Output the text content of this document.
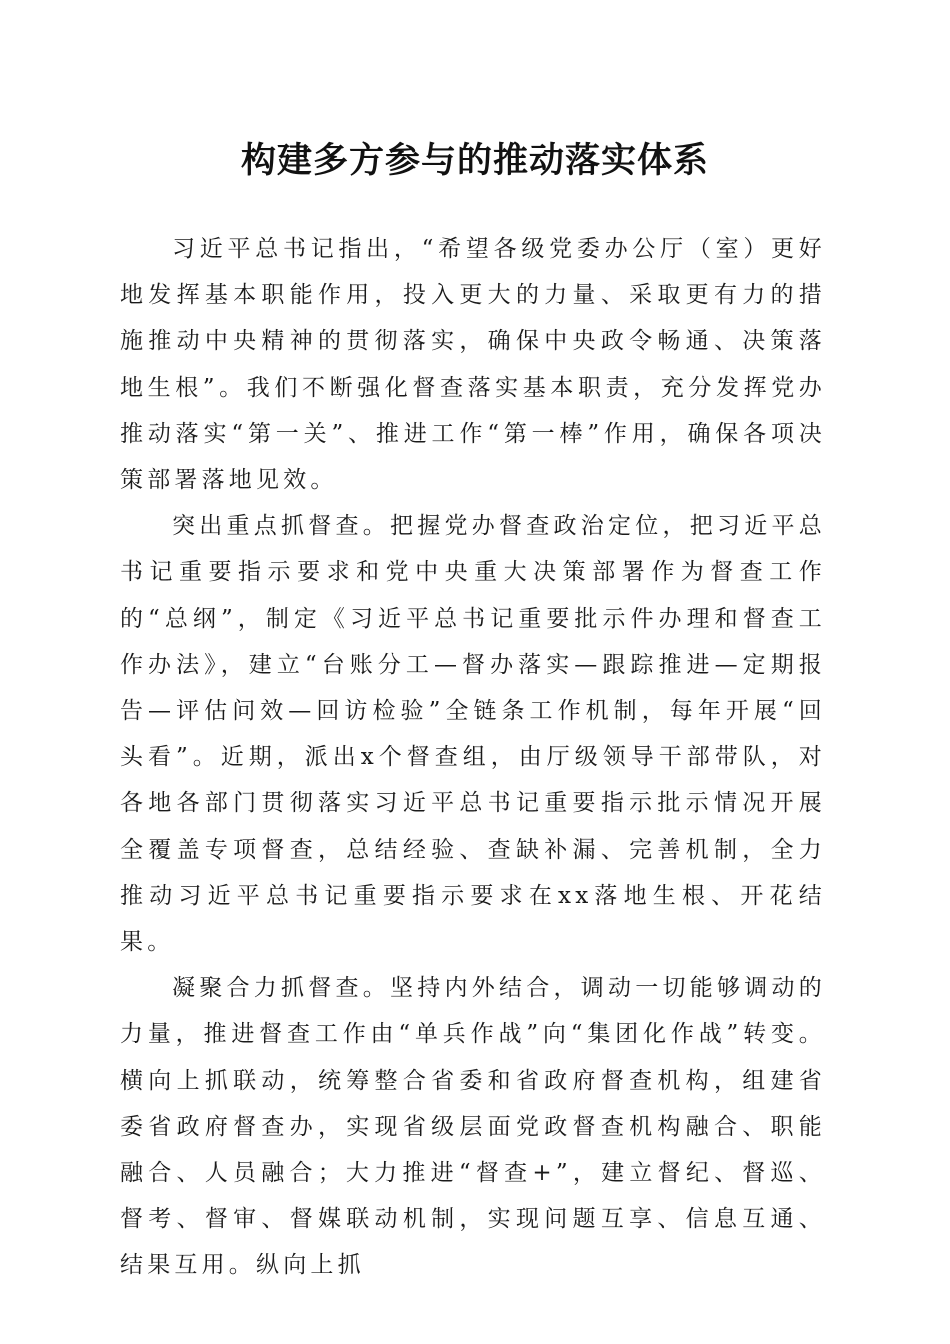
构建多方参与的推动落实体系

习近平总书记指出，“希望各级党委办公厅（室）更好地发挥基本职能作用，投入更大的力量、采取更有力的措施推动中央精神的贯彻落实，确保中央政令畅通、决策落地生根”。我们不断强化督查落实基本职责，充分发挥党办推动落实“第一关”、推进工作“第一棒”作用，确保各项决策部署落地见效。

突出重点抓督查。把握党办督查政治定位，把习近平总书记重要指示要求和党中央重大决策部署作为督查工作的“总纲”，制定《习近平总书记重要批示件办理和督查工作办法》，建立“台账分工—督办落实—跟踪推进—定期报告—评估问效—回访检验”全链条工作机制，每年开展“回头看”。近期，派出x个督查组，由厅级领导干部带队，对各地各部门贯彻落实习近平总书记重要指示批示情况开展全覆盖专项督查，总结经验、查缺补漏、完善机制，全力推动习近平总书记重要指示要求在xx落地生根、开花结果。

凝聚合力抓督查。坚持内外结合，调动一切能够调动的力量，推进督查工作由“单兵作战”向“集团化作战”转变。横向上抓联动，统筹整合省委和省政府督查机构，组建省委省政府督查办，实现省级层面党政督查机构融合、职能融合、人员融合；大力推进“督查+”，建立督纪、督巡、督考、督审、督媒联动机制，实现问题互享、信息互通、结果互用。纵向上抓
